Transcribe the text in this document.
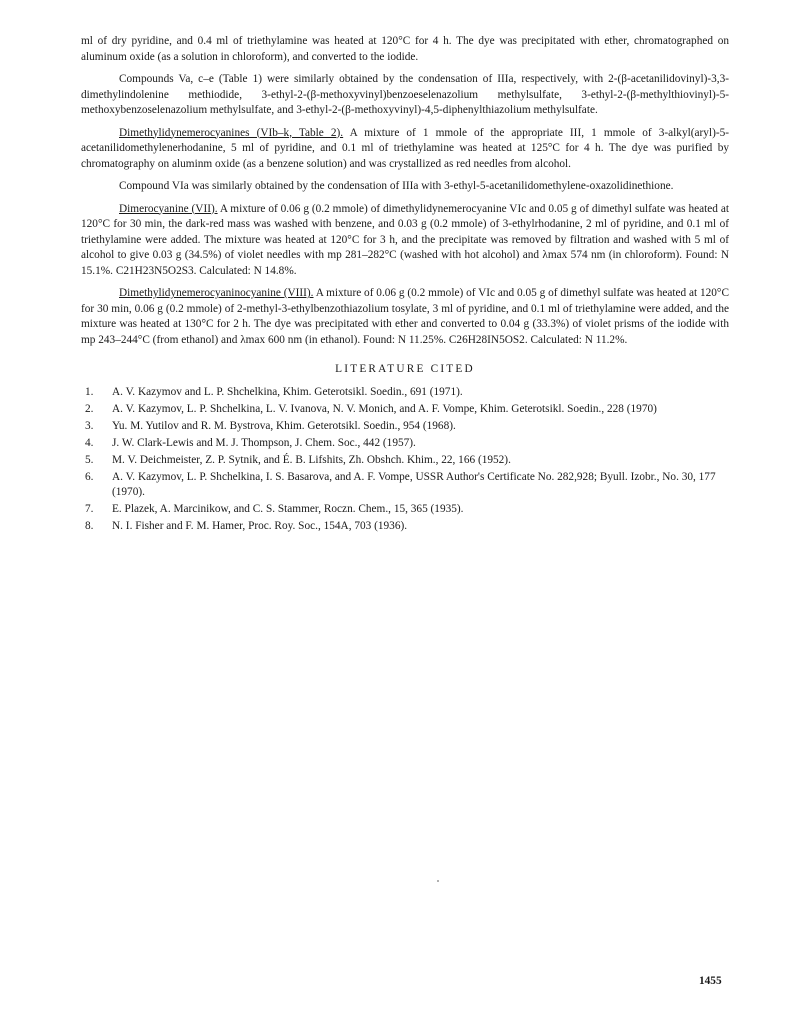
ml of dry pyridine, and 0.4 ml of triethylamine was heated at 120°C for 4 h. The dye was precipitated with ether, chromatographed on aluminum oxide (as a solution in chloroform), and converted to the iodide.

Compounds Va, c–e (Table 1) were similarly obtained by the condensation of IIIa, respectively, with 2-(β-acetanilidovinyl)-3,3-dimethylindolenine methiodide, 3-ethyl-2-(β-methoxyvinyl)benzoeselenazolium methylsulfate, 3-ethyl-2-(β-methylthiovinyl)-5-methoxybenzoselenazolium methylsulfate, and 3-ethyl-2-(β-methoxyvinyl)-4,5-diphenylthiazolium methylsulfate.

Dimethylidynemerocyanines (VIb–k, Table 2). A mixture of 1 mmole of the appropriate III, 1 mmole of 3-alkyl(aryl)-5-acetanilidomethylenerhodanine, 5 ml of pyridine, and 0.1 ml of triethylamine was heated at 125°C for 4 h. The dye was purified by chromatography on aluminm oxide (as a benzene solution) and was crystallized as red needles from alcohol.

Compound VIa was similarly obtained by the condensation of IIIa with 3-ethyl-5-acetanilidomethylene-oxazolidinethione.

Dimerocyanine (VII). A mixture of 0.06 g (0.2 mmole) of dimethylidynemerocyanine VIc and 0.05 g of dimethyl sulfate was heated at 120°C for 30 min, the dark-red mass was washed with benzene, and 0.03 g (0.2 mmole) of 3-ethylrhodanine, 2 ml of pyridine, and 0.1 ml of triethylamine were added. The mixture was heated at 120°C for 3 h, and the precipitate was removed by filtration and washed with 5 ml of alcohol to give 0.03 g (34.5%) of violet needles with mp 281–282°C (washed with hot alcohol) and λmax 574 nm (in chloroform). Found: N 15.1%. C21H23N5O2S3. Calculated: N 14.8%.

Dimethylidynemerocyaninocyanine (VIII). A mixture of 0.06 g (0.2 mmole) of VIc and 0.05 g of dimethyl sulfate was heated at 120°C for 30 min, 0.06 g (0.2 mmole) of 2-methyl-3-ethylbenzothiazolium tosylate, 3 ml of pyridine, and 0.1 ml of triethylamine were added, and the mixture was heated at 130°C for 2 h. The dye was precipitated with ether and converted to 0.04 g (33.3%) of violet prisms of the iodide with mp 243–244°C (from ethanol) and λmax 600 nm (in ethanol). Found: N 11.25%. C26H28IN5OS2. Calculated: N 11.2%.

LITERATURE CITED
1. A. V. Kazymov and L. P. Shchelkina, Khim. Geterotsikl. Soedin., 691 (1971).
2. A. V. Kazymov, L. P. Shchelkina, L. V. Ivanova, N. V. Monich, and A. F. Vompe, Khim. Geterotsikl. Soedin., 228 (1970)
3. Yu. M. Yutilov and R. M. Bystrova, Khim. Geterotsikl. Soedin., 954 (1968).
4. J. W. Clark-Lewis and M. J. Thompson, J. Chem. Soc., 442 (1957).
5. M. V. Deichmeister, Z. P. Sytnik, and É. B. Lifshits, Zh. Obshch. Khim., 22, 166 (1952).
6. A. V. Kazymov, L. P. Shchelkina, I. S. Basarova, and A. F. Vompe, USSR Author's Certificate No. 282,928; Byull. Izobr., No. 30, 177 (1970).
7. E. Plazek, A. Marcinikow, and C. S. Stammer, Roczn. Chem., 15, 365 (1935).
8. N. I. Fisher and F. M. Hamer, Proc. Roy. Soc., 154A, 703 (1936).
1455
